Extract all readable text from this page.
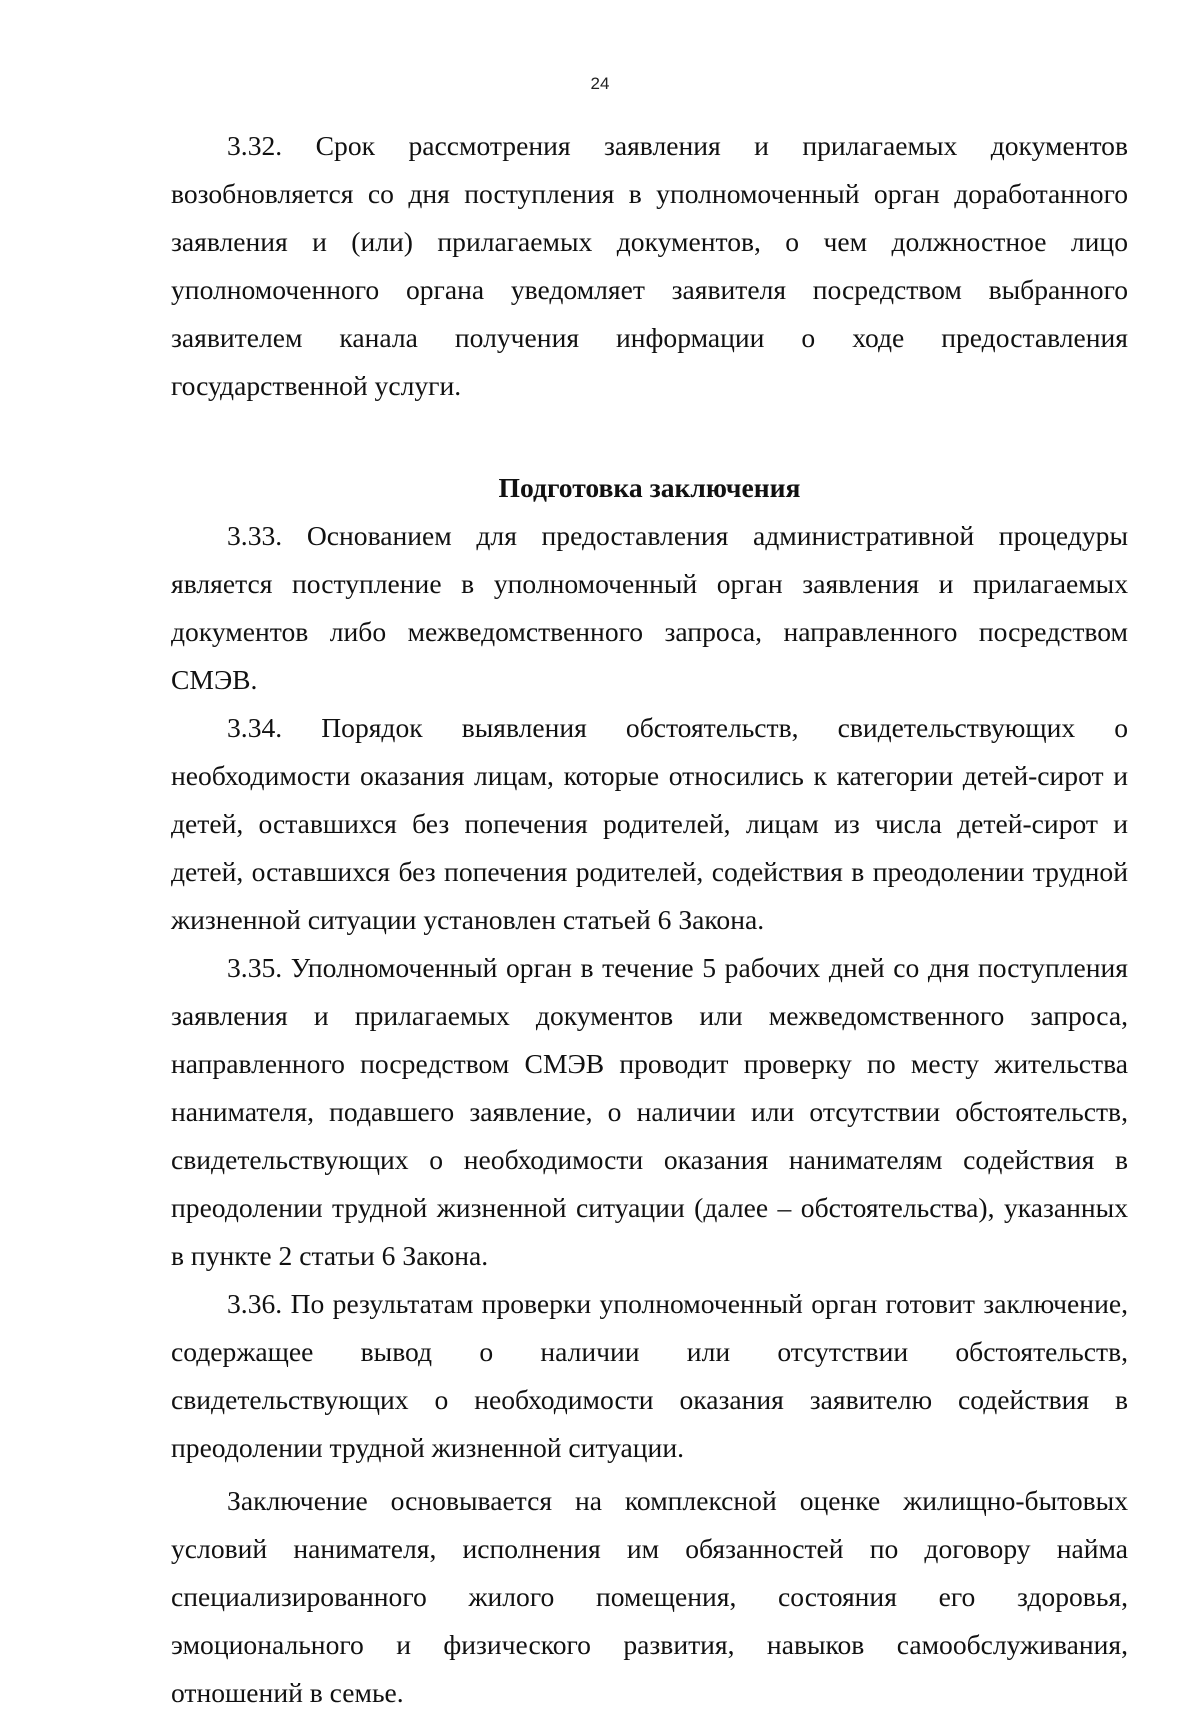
24

3.32. Срок рассмотрения заявления и прилагаемых документов возобновляется со дня поступления в уполномоченный орган доработанного заявления и (или) прилагаемых документов, о чем должностное лицо уполномоченного органа уведомляет заявителя посредством выбранного заявителем канала получения информации о ходе предоставления государственной услуги.

Подготовка заключения

3.33. Основанием для предоставления административной процедуры является поступление в уполномоченный орган заявления и прилагаемых документов либо межведомственного запроса, направленного посредством СМЭВ.

3.34. Порядок выявления обстоятельств, свидетельствующих о необходимости оказания лицам, которые относились к категории детей-сирот и детей, оставшихся без попечения родителей, лицам из числа детей-сирот и детей, оставшихся без попечения родителей, содействия в преодолении трудной жизненной ситуации установлен статьей 6 Закона.

3.35. Уполномоченный орган в течение 5 рабочих дней со дня поступления заявления и прилагаемых документов или межведомственного запроса, направленного посредством СМЭВ проводит проверку по месту жительства нанимателя, подавшего заявление, о наличии или отсутствии обстоятельств, свидетельствующих о необходимости оказания нанимателям содействия в преодолении трудной жизненной ситуации (далее – обстоятельства), указанных в пункте 2 статьи 6 Закона.

3.36. По результатам проверки уполномоченный орган готовит заключение, содержащее вывод о наличии или отсутствии обстоятельств, свидетельствующих о необходимости оказания заявителю содействия в преодолении трудной жизненной ситуации.

Заключение основывается на комплексной оценке жилищно-бытовых условий нанимателя, исполнения им обязанностей по договору найма специализированного жилого помещения, состояния его здоровья, эмоционального и физического развития, навыков самообслуживания, отношений в семье.
